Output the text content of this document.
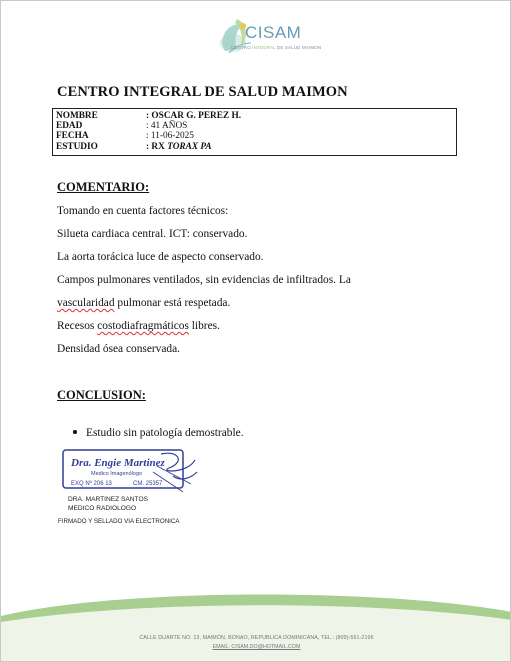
CISAM
CENTRO INTEGRAL DE SALUD MAIMON
CENTRO INTEGRAL DE SALUD MAIMON
NOMBRE	: OSCAR G. PEREZ H.
EDAD	: 41 AÑOS
FECHA	: 11-06-2025
ESTUDIO	: RX TORAX PA
COMENTARIO:
Tomando en cuenta factores técnicos:
Silueta cardiaca central. ICT: conservado.
La aorta torácica luce de aspecto conservado.
Campos pulmonares ventilados, sin evidencias de infiltrados. La
vascularidad pulmonar está respetada.
Recesos costodiafragmáticos libres.
Densidad ósea conservada.
CONCLUSION:
Estudio sin patología demostrable.
Dra. Engie Martinez
Medico Imagenólogo
EXQ Nº 206 13	CM. 25357
DRA. MARTINEZ SANTOS
MEDICO RADIOLOGO
FIRMADO Y SELLADO VIA ELECTRONICA
CALLE DUARTE NO. 13, MAIMÓN, BONAO, REPUBLICA DOMINICANA, TEL.: (809)-551-2196
EMAIL: CISAM.DO@HOTMAIL.COM
